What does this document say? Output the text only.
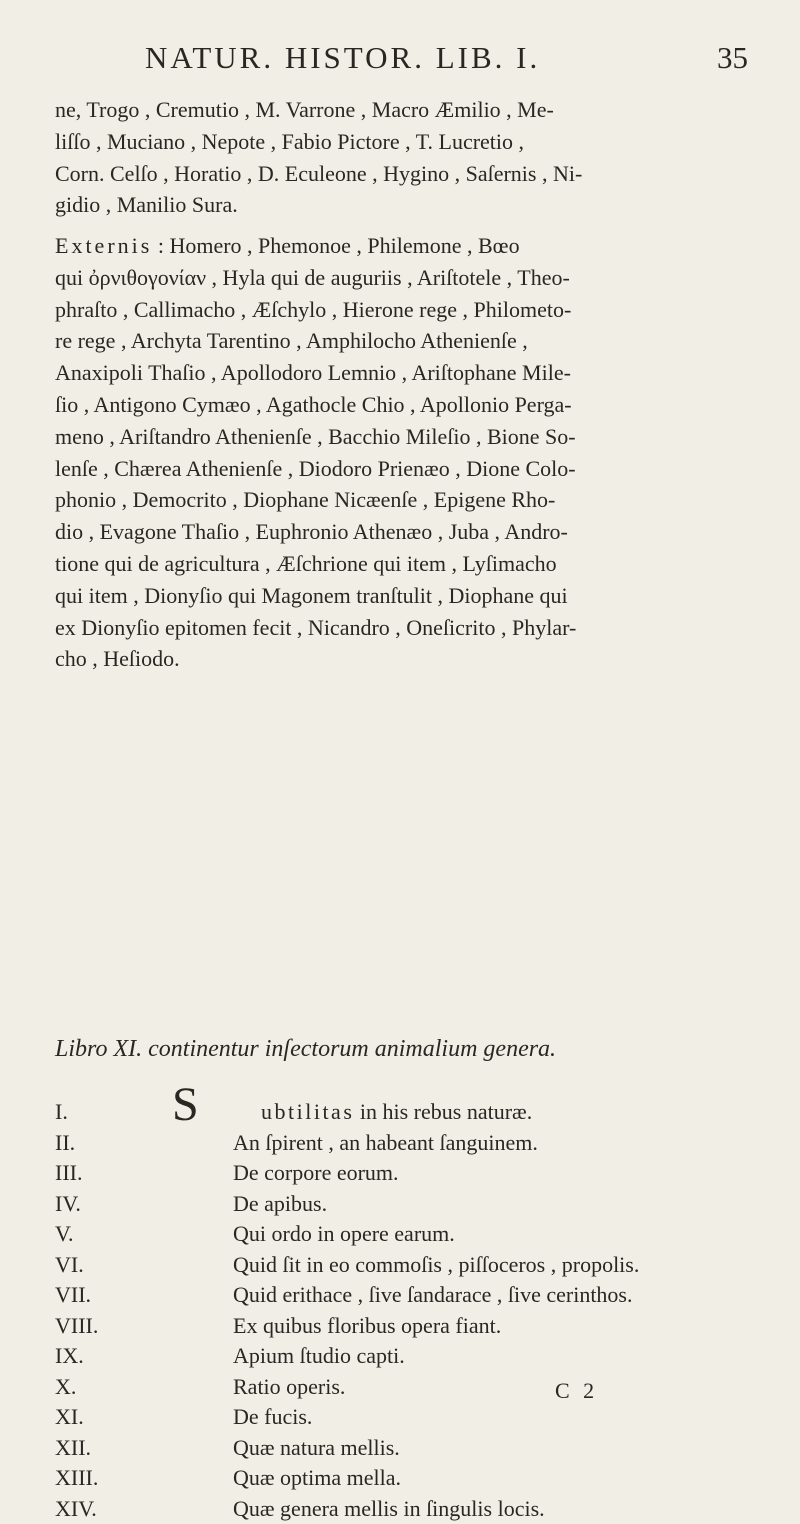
NATUR. HISTOR. LIB. I.	35
ne, Trogo , Cremutio , M. Varrone , Macro Æmilio , Me-
liſſo , Muciano , Nepote , Fabio Pictore , T. Lucretio ,
Corn. Celſo , Horatio , D. Eculeone , Hygino , Saſernis , Ni-
gidio , Manilio Sura.
Externis : Homero , Phemonoe , Philemone , Bœo
qui ὀρνιθογονίαν , Hyla qui de auguriis , Ariſtotele , Theo-
phraſto , Callimacho , Æſchylo , Hierone rege , Philometo-
re rege , Archyta Tarentino , Amphilocho Athenienſe ,
Anaxipoli Thaſio , Apollodoro Lemnio , Ariſtophane Mile-
ſio , Antigono Cymæo , Agathocle Chio , Apollonio Perga-
meno , Ariſtandro Athenienſe , Bacchio Mileſio , Bione So-
lenſe , Chærea Athenienſe , Diodoro Prienæo , Dione Colo-
phonio , Democrito , Diophane Nicæenſe , Epigene Rho-
dio , Evagone Thaſio , Euphronio Athenæo , Juba , Andro-
tione qui de agricultura , Æſchrione qui item , Lyſimacho
qui item , Dionyſio qui Magonem tranſtulit , Diophane qui
ex Dionyſio epitomen fecit , Nicandro , Oneſicrito , Phylar-
cho , Heſiodo.
Libro XI. continentur inſectorum animalium genera.
S
I.	ubtilitas in his rebus naturæ.
II.	An ſpirent , an habeant ſanguinem.
III.	De corpore eorum.
IV.	De apibus.
V.	Qui ordo in opere earum.
VI.	Quid ſit in eo commoſis , piſſoceros , propolis.
VII.	Quid erithace , ſive ſandarace , ſive cerinthos.
VIII.	Ex quibus floribus opera fiant.
IX.	Apium ſtudio capti.
X.	Ratio operis.
XI.	De fucis.
XII.	Quæ natura mellis.
XIII.	Quæ optima mella.
XIV.	Quæ genera mellis in ſingulis locis.
C 2
